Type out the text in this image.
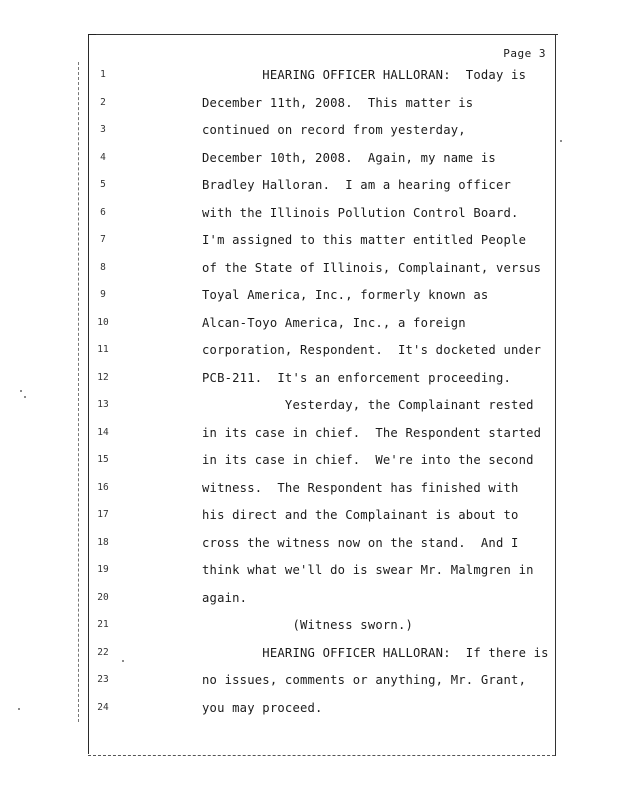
Page 3
1
2
3
4
5
6
7
8
9
10
11
12
13
14
15
16
17
18
19
20
21
22
23
24
HEARING OFFICER HALLORAN:  Today is
December 11th, 2008.  This matter is
continued on record from yesterday,
December 10th, 2008.  Again, my name is
Bradley Halloran.  I am a hearing officer
with the Illinois Pollution Control Board.
I'm assigned to this matter entitled People
of the State of Illinois, Complainant, versus
Toyal America, Inc., formerly known as
Alcan-Toyo America, Inc., a foreign
corporation, Respondent.  It's docketed under
PCB-211.  It's an enforcement proceeding.
Yesterday, the Complainant rested
in its case in chief.  The Respondent started
in its case in chief.  We're into the second
witness.  The Respondent has finished with
his direct and the Complainant is about to
cross the witness now on the stand.  And I
think what we'll do is swear Mr. Malmgren in
again.
(Witness sworn.)
HEARING OFFICER HALLORAN:  If there is
no issues, comments or anything, Mr. Grant,
you may proceed.
